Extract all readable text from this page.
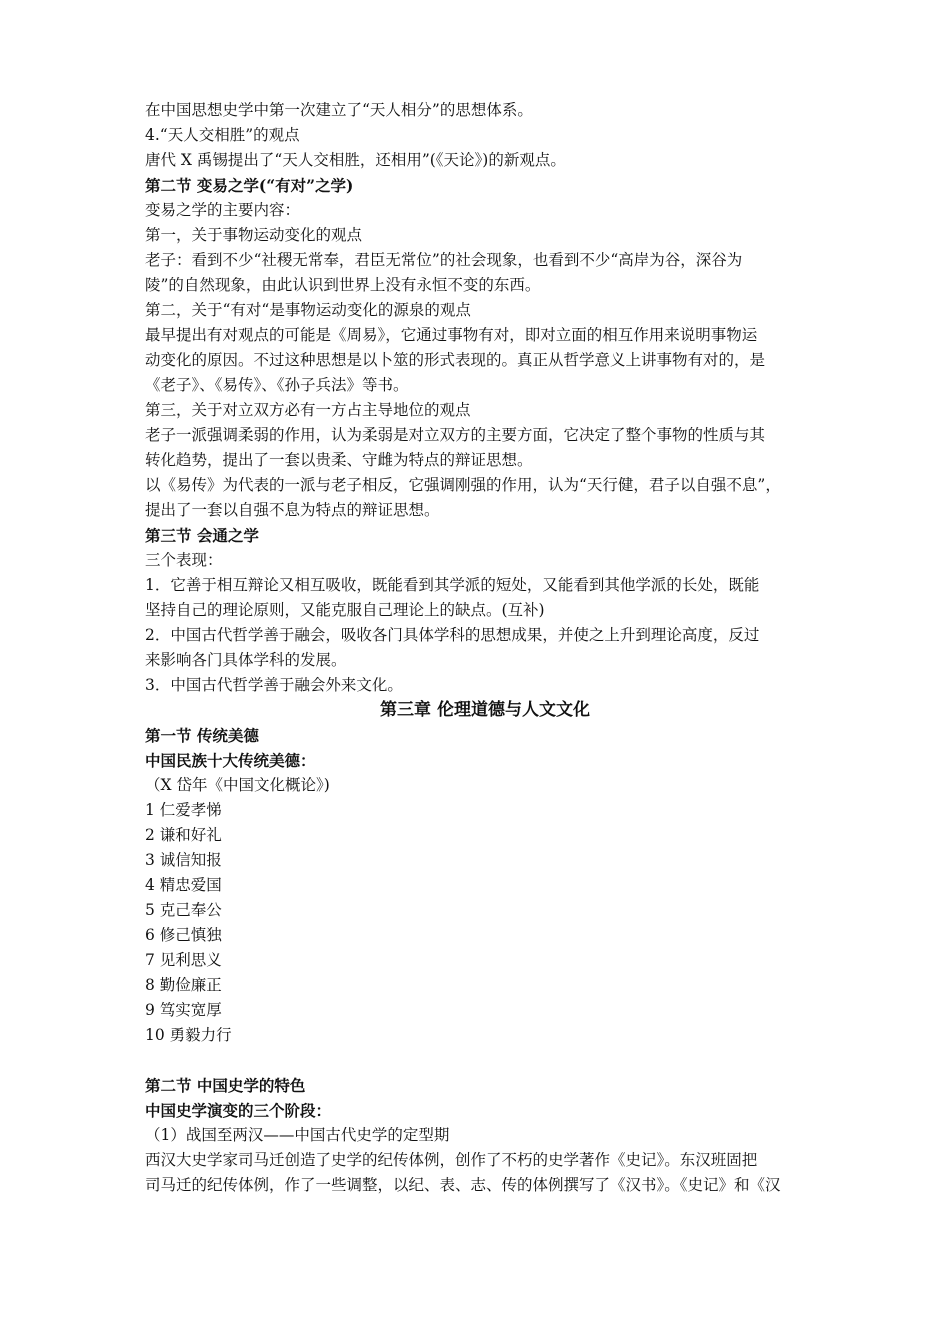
在中国思想史学中第一次建立了“天人相分”的思想体系。
4.“天人交相胜”的观点
唐代 X 禹锡提出了“天人交相胜，还相用”(《天论》)的新观点。
第二节 变易之学(“有对”之学)
变易之学的主要内容：
第一，关于事物运动变化的观点
老子：看到不少“社稷无常奉，君臣无常位”的社会现象，也看到不少“高岸为谷，深谷为
陵”的自然现象，由此认识到世界上没有永恒不变的东西。
第二，关于“有对“是事物运动变化的源泉的观点
最早提出有对观点的可能是《周易》，它通过事物有对，即对立面的相互作用来说明事物运
动变化的原因。不过这种思想是以卜筮的形式表现的。真正从哲学意义上讲事物有对的，是
《老子》、《易传》、《孙子兵法》等书。
第三，关于对立双方必有一方占主导地位的观点
老子一派强调柔弱的作用，认为柔弱是对立双方的主要方面，它决定了整个事物的性质与其
转化趋势，提出了一套以贵柔、守雌为特点的辩证思想。
以《易传》为代表的一派与老子相反，它强调刚强的作用，认为“天行健，君子以自强不息”，
提出了一套以自强不息为特点的辩证思想。
第三节 会通之学
三个表现：
1．它善于相互辩论又相互吸收，既能看到其学派的短处，又能看到其他学派的长处，既能
坚持自己的理论原则，又能克服自己理论上的缺点。(互补)
2．中国古代哲学善于融会，吸收各门具体学科的思想成果，并使之上升到理论高度，反过
来影响各门具体学科的发展。
3．中国古代哲学善于融会外来文化。
第三章 伦理道德与人文文化
第一节 传统美德
中国民族十大传统美德：
（X 岱年《中国文化概论》)
1 仁爱孝悌
2 谦和好礼
3 诚信知报
4 精忠爱国
5 克己奉公
6 修己慎独
7 见利思义
8 勤俭廉正
9 笃实宽厚
10 勇毅力行
第二节 中国史学的特色
中国史学演变的三个阶段：
（1）战国至两汉——中国古代史学的定型期
西汉大史学家司马迁创造了史学的纪传体例，创作了不朽的史学著作《史记》。东汉班固把
司马迁的纪传体例，作了一些调整，以纪、表、志、传的体例撰写了《汉书》。《史记》和《汉
